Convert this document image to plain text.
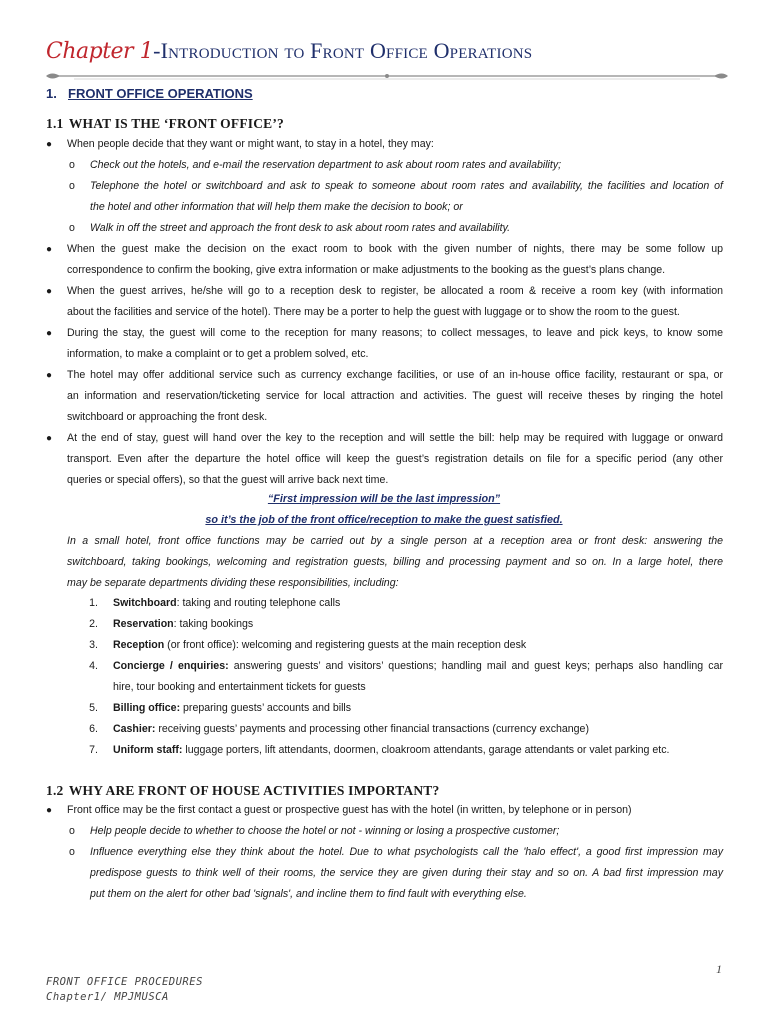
Chapter 1-Introduction to Front Office Operations
1. FRONT OFFICE OPERATIONS
1.1 WHAT IS THE ‘FRONT OFFICE’?
● When people decide that they want or might want, to stay in a hotel, they may:
o Check out the hotels, and e-mail the reservation department to ask about room rates and availability;
o Telephone the hotel or switchboard and ask to speak to someone about room rates and availability, the facilities and location of
the hotel and other information that will help them make the decision to book; or
o Walk in off the street and approach the front desk to ask about room rates and availability.
● When the guest make the decision on the exact room to book with the given number of nights, there may be some follow up
correspondence to confirm the booking, give extra information or make adjustments to the booking as the guest’s plans change.
● When the guest arrives, he/she will go to a reception desk to register, be allocated a room & receive a room key (with information
about the facilities and service of the hotel). There may be a porter to help the guest with luggage or to show the room to the guest.
● During the stay, the guest will come to the reception for many reasons; to collect messages, to leave and pick keys, to know some
information, to make a complaint or to get a problem solved, etc.
● The hotel may offer additional service such as currency exchange facilities, or use of an in-house office facility, restaurant or spa, or
an information and reservation/ticketing service for local attraction and activities. The guest will receive theses by ringing the hotel
switchboard or approaching the front desk.
● At the end of stay, guest will hand over the key to the reception and will settle the bill: help may be required with luggage or onward
transport. Even after the departure the hotel office will keep the guest’s registration details on file for a specific period (any other
queries or special offers), so that the guest will arrive back next time.
In a small hotel, front office functions may be carried out by a single person at a reception area or front desk: answering the
switchboard, taking bookings, welcoming and registration guests, billing and processing payment and so on. In a large hotel, there
may be separate departments dividing these responsibilities, including:
1. Switchboard: taking and routing telephone calls
2. Reservation: taking bookings
3. Reception (or front office): welcoming and registering guests at the main reception desk
4. Concierge / enquiries: answering guests’ and visitors’ questions; handling mail and guest keys; perhaps also handling car
hire, tour booking and entertainment tickets for guests
5. Billing office: preparing guests’ accounts and bills
6. Cashier: receiving guests’ payments and processing other financial transactions (currency exchange)
7. Uniform staff: luggage porters, lift attendants, doormen, cloakroom attendants, garage attendants or valet parking etc.
● Front office may be the first contact a guest or prospective guest has with the hotel (in written, by telephone or in person)
o Help people decide to whether to choose the hotel or not - winning or losing a prospective customer;
o Influence everything else they think about the hotel. Due to what psychologists call the 'halo effect', a good first impression may
predispose guests to think well of their rooms, the service they are given during their stay and so on. A bad first impression may
put them on the alert for other bad 'signals', and incline them to find fault with everything else.
“First impression will be the last impression”
so it’s the job of the front office/reception to make the guest satisfied.
1.2 WHY ARE FRONT OF HOUSE ACTIVITIES IMPORTANT?
1
FRONT OFFICE PROCEDURES
Chapter1/ MPJMUSCA
